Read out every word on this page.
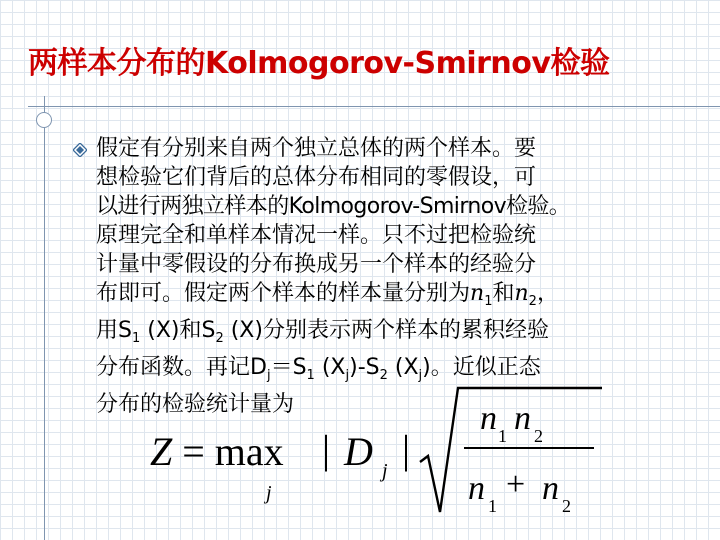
两样本分布的Kolmogorov-Smirnov检验
假定有分别来自两个独立总体的两个样本。要
想检验它们背后的总体分布相同的零假设，可
以进行两独立样本的Kolmogorov-Smirnov检验。
原理完全和单样本情况一样。只不过把检验统
计量中零假设的分布换成另一个样本的经验分
布即可。假定两个样本的样本量分别为$n_1$和$n_2$，
用$S_1$ (X)和$S_2$ (X)分别表示两个样本的累积经验
分布函数。再记$D_j=S_1$ $(X_j)-S_2$ $(X_j)$。近似正态
分布的检验统计量为
Z = max
j
| D j |
n 1 n 2
n 1
+ n 2
